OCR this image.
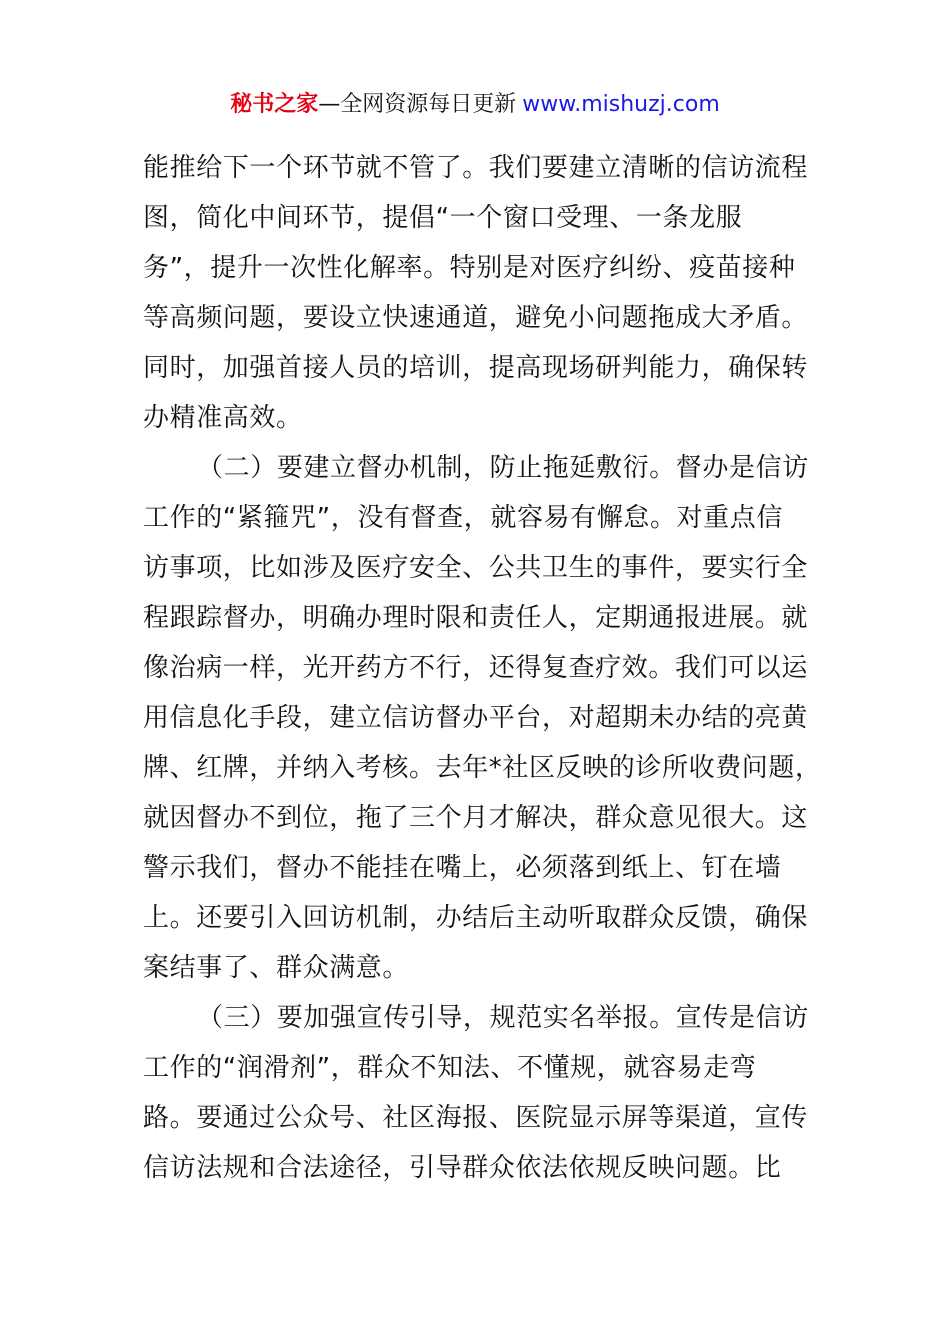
秘书之家—全网资源每日更新 www.mishuzj.com
能推给下一个环节就不管了。我们要建立清晰的信访流程
图，简化中间环节，提倡“一个窗口受理、一条龙服
务”，提升一次性化解率。特别是对医疗纠纷、疫苗接种
等高频问题，要设立快速通道，避免小问题拖成大矛盾。
同时，加强首接人员的培训，提高现场研判能力，确保转
办精准高效。
（二）要建立督办机制，防止拖延敷衍。督办是信访
工作的“紧箍咒”，没有督查，就容易有懈怠。对重点信
访事项，比如涉及医疗安全、公共卫生的事件，要实行全
程跟踪督办，明确办理时限和责任人，定期通报进展。就
像治病一样，光开药方不行，还得复查疗效。我们可以运
用信息化手段，建立信访督办平台，对超期未办结的亮黄
牌、红牌，并纳入考核。去年*社区反映的诊所收费问题，
就因督办不到位，拖了三个月才解决，群众意见很大。这
警示我们，督办不能挂在嘴上，必须落到纸上、钉在墙
上。还要引入回访机制，办结后主动听取群众反馈，确保
案结事了、群众满意。
（三）要加强宣传引导，规范实名举报。宣传是信访
工作的“润滑剂”，群众不知法、不懂规，就容易走弯
路。要通过公众号、社区海报、医院显示屏等渠道，宣传
信访法规和合法途径，引导群众依法依规反映问题。比
